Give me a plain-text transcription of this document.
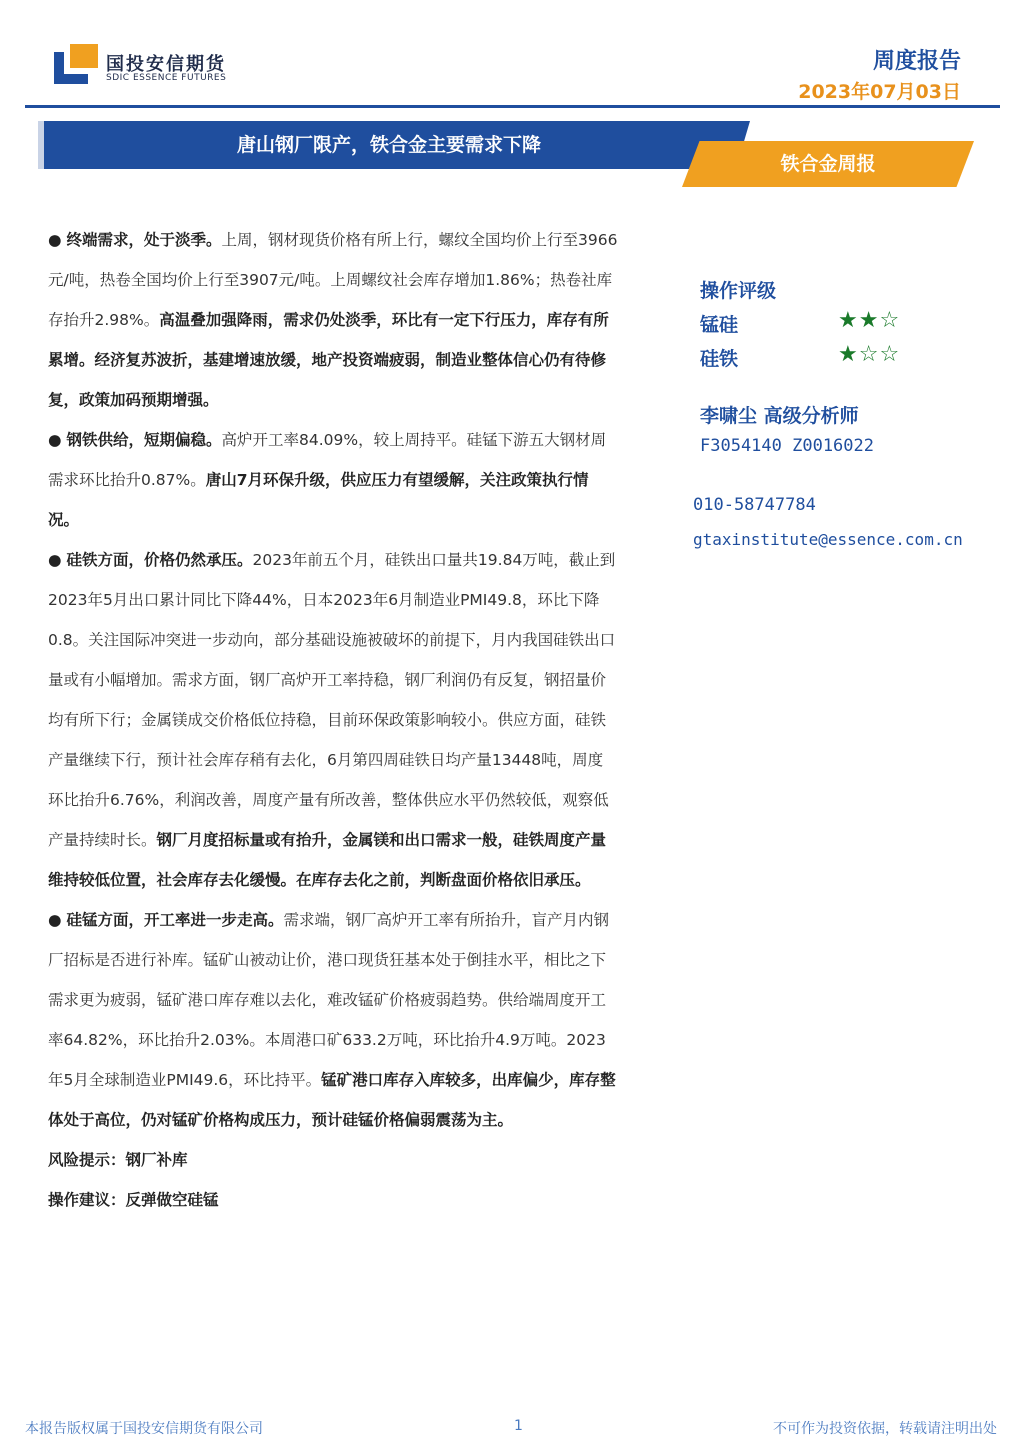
国投安信期货
SDIC ESSENCE FUTURES
周度报告
2023年07月03日
唐山钢厂限产，铁合金主要需求下降
铁合金周报

● 终端需求，处于淡季。上周，钢材现货价格有所上行，螺纹全国均价上行至3966元/吨，热卷全国均价上行至3907元/吨。上周螺纹社会库存增加1.86%；热卷社库存抬升2.98%。高温叠加强降雨，需求仍处淡季，环比有一定下行压力，库存有所累增。经济复苏波折，基建增速放缓，地产投资端疲弱，制造业整体信心仍有待修复，政策加码预期增强。

● 钢铁供给，短期偏稳。高炉开工率84.09%，较上周持平。硅锰下游五大钢材周需求环比抬升0.87%。唐山7月环保升级，供应压力有望缓解，关注政策执行情况。

● 硅铁方面，价格仍然承压。2023年前五个月，硅铁出口量共19.84万吨，截止到2023年5月出口累计同比下降44%，日本2023年6月制造业PMI49.8，环比下降0.8。关注国际冲突进一步动向，部分基础设施被破坏的前提下，月内我国硅铁出口量或有小幅增加。需求方面，钢厂高炉开工率持稳，钢厂利润仍有反复，钢招量价均有所下行；金属镁成交价格低位持稳，目前环保政策影响较小。供应方面，硅铁产量继续下行，预计社会库存稍有去化，6月第四周硅铁日均产量13448吨，周度环比抬升6.76%，利润改善，周度产量有所改善，整体供应水平仍然较低，观察低产量持续时长。钢厂月度招标量或有抬升，金属镁和出口需求一般，硅铁周度产量维持较低位置，社会库存去化缓慢。在库存去化之前，判断盘面价格依旧承压。

● 硅锰方面，开工率进一步走高。需求端，钢厂高炉开工率有所抬升，盲产月内钢厂招标是否进行补库。锰矿山被动让价，港口现货狂基本处于倒挂水平，相比之下需求更为疲弱，锰矿港口库存难以去化，难改锰矿价格疲弱趋势。供给端周度开工率64.82%，环比抬升2.03%。本周港口矿633.2万吨，环比抬升4.9万吨。2023年5月全球制造业PMI49.6，环比持平。锰矿港口库存入库较多，出库偏少，库存整体处于高位，仍对锰矿价格构成压力，预计硅锰价格偏弱震荡为主。

风险提示：钢厂补库

操作建议：反弹做空硅锰

操作评级
锰硅	★★☆
硅铁	★☆☆
李啸尘 高级分析师
F3054140 Z0016022
010-58747784
gtaxinstitute@essence.com.cn
本报告版权属于国投安信期货有限公司	1	不可作为投资依据，转载请注明出处
